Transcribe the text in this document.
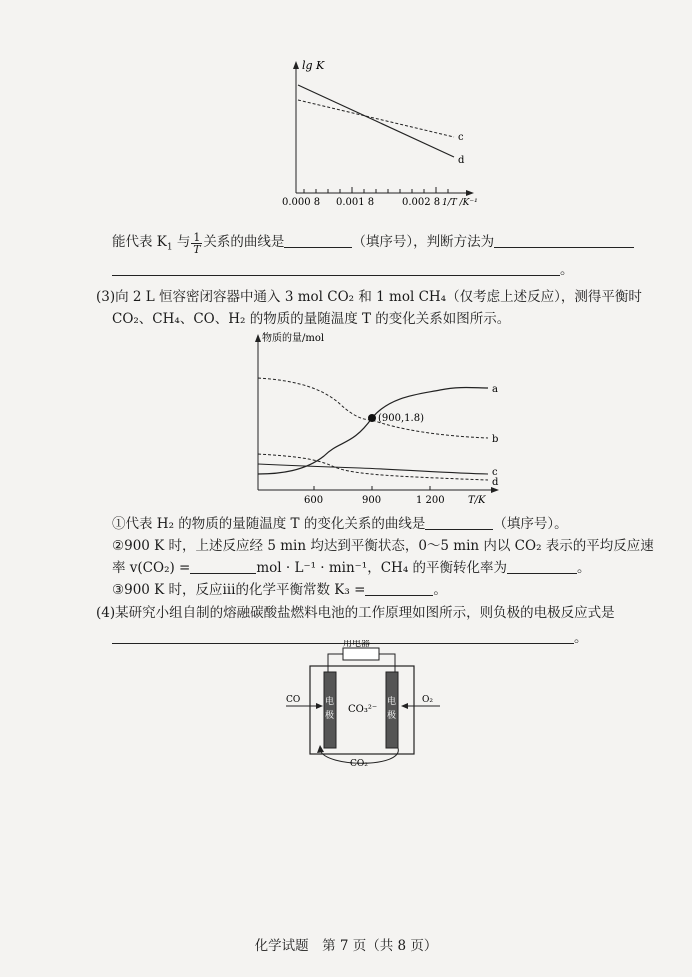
lg K
0.000 8 0.001 8	0.002 8 1/T /K⁻¹
c
d
能代表 $K_1$ 与 $\frac{1}{T}$ 关系的曲线是	（填序号），判断方法为
。
(3)向 2 L 恒容密闭容器中通入 3 mol CO₂ 和 1 mol CH₄（仅考虑上述反应），测得平衡时
CO₂、CH₄、CO、H₂ 的物质的量随温度 T 的变化关系如图所示。
物质的量/mol
600	900	1 200 T/K
(900,1.8)
a
b
c
d
①代表 H₂ 的物质的量随温度 T 的变化关系的曲线是	（填序号）。
②900 K 时，上述反应经 5 min 均达到平衡状态，0～5 min 内以 CO₂ 表示的平均反应速
率 v(CO₂) =	mol · L⁻¹ · min⁻¹，CH₄ 的平衡转化率为	。
③900 K 时，反应ⅲ的化学平衡常数 K₃ =	。
(4)某研究小组自制的熔融碳酸盐燃料电池的工作原理如图所示，则负极的电极反应式是
。
用电器
电
极
电
极
CO₃²⁻
CO	O₂
CO₂
化学试题　第 7 页（共 8 页）
